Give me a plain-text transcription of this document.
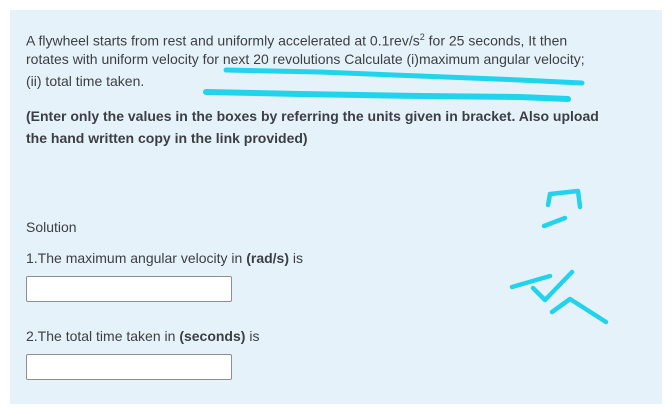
A flywheel starts from rest and uniformly accelerated at $0.1rev/s^2$ for 25 seconds, It then
rotates with uniform velocity for next 20 revolutions Calculate (i)maximum angular velocity;
(ii) total time taken.
(Enter only the values in the boxes by referring the units given in bracket. Also upload
the hand written copy in the link provided)
Solution
1.The maximum angular velocity in (rad/s) is
2.The total time taken in (seconds) is
